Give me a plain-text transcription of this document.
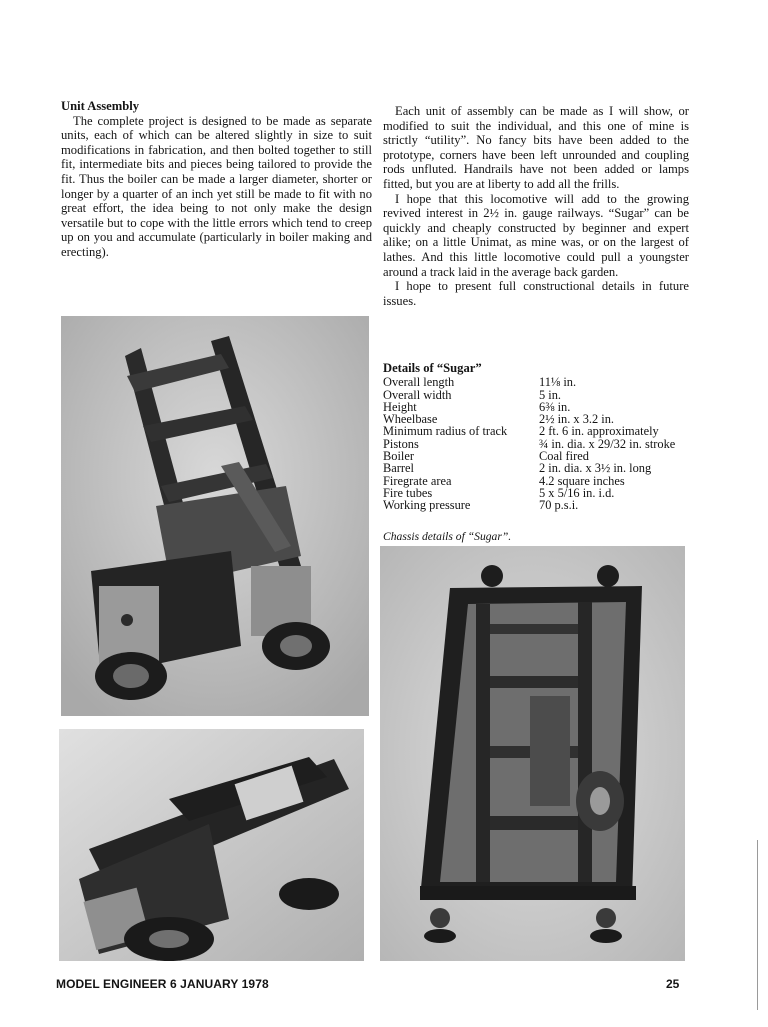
Unit Assembly

The complete project is designed to be made as separate units, each of which can be altered slightly in size to suit modifications in fabrication, and then bolted together to still fit, intermediate bits and pieces being tailored to provide the fit. Thus the boiler can be made a larger diameter, shorter or longer by a quarter of an inch yet still be made to fit with no great effort, the idea being to not only make the design versatile but to cope with the little errors which tend to creep up on you and accumulate (particularly in boiler making and erecting).

Each unit of assembly can be made as I will show, or modified to suit the individual, and this one of mine is strictly “utility”. No fancy bits have been added to the prototype, corners have been left unrounded and coupling rods unfluted. Handrails have not been added or lamps fitted, but you are at liberty to add all the frills.

I hope that this locomotive will add to the growing revived interest in 2½ in. gauge railways. “Sugar” can be quickly and cheaply constructed by beginner and expert alike; on a little Unimat, as mine was, or on the largest of lathes. And this little locomotive could pull a youngster around a track laid in the average back garden.

I hope to present full constructional details in future issues.

Details of “Sugar”
Overall length	11⅛ in.
Overall width	5 in.
Height	6⅜ in.
Wheelbase	2½ in. x 3.2 in.
Minimum radius of track	2 ft. 6 in. approximately
Pistons	¾ in. dia. x 29/32 in. stroke
Boiler	Coal fired
Barrel	2 in. dia. x 3½ in. long
Firegrate area	4.2 square inches
Fire tubes	5 x 5/16 in. i.d.
Working pressure	70 p.s.i.
Chassis details of “Sugar”.
MODEL ENGINEER 6 JANUARY 1978	25
